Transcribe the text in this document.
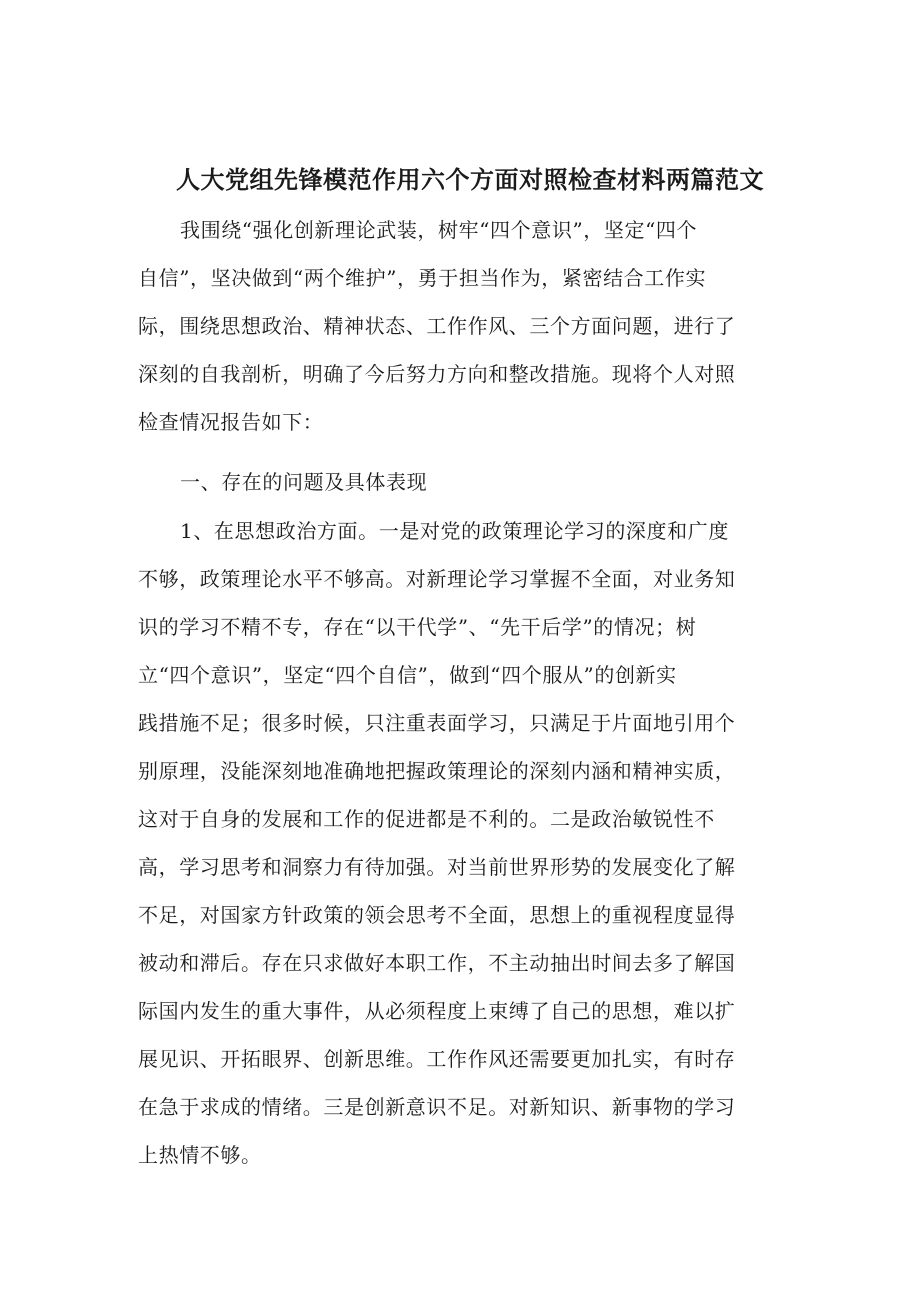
人大党组先锋模范作用六个方面对照检查材料两篇范文

我围绕“强化创新理论武装，树牢“四个意识”，坚定“四个

自信”，坚决做到“两个维护”，勇于担当作为，紧密结合工作实

际，围绕思想政治、精神状态、工作作风、三个方面问题，进行了

深刻的自我剖析，明确了今后努力方向和整改措施。现将个人对照

检查情况报告如下：

一、存在的问题及具体表现

1、在思想政治方面。一是对党的政策理论学习的深度和广度

不够，政策理论水平不够高。对新理论学习掌握不全面，对业务知

识的学习不精不专，存在“以干代学”、“先干后学”的情况；树

立“四个意识”，坚定“四个自信”，做到“四个服从”的创新实

践措施不足；很多时候，只注重表面学习，只满足于片面地引用个

别原理，没能深刻地准确地把握政策理论的深刻内涵和精神实质，

这对于自身的发展和工作的促进都是不利的。二是政治敏锐性不

高，学习思考和洞察力有待加强。对当前世界形势的发展变化了解

不足，对国家方针政策的领会思考不全面，思想上的重视程度显得

被动和滞后。存在只求做好本职工作，不主动抽出时间去多了解国

际国内发生的重大事件，从必须程度上束缚了自己的思想，难以扩

展见识、开拓眼界、创新思维。工作作风还需要更加扎实，有时存

在急于求成的情绪。三是创新意识不足。对新知识、新事物的学习

上热情不够。
